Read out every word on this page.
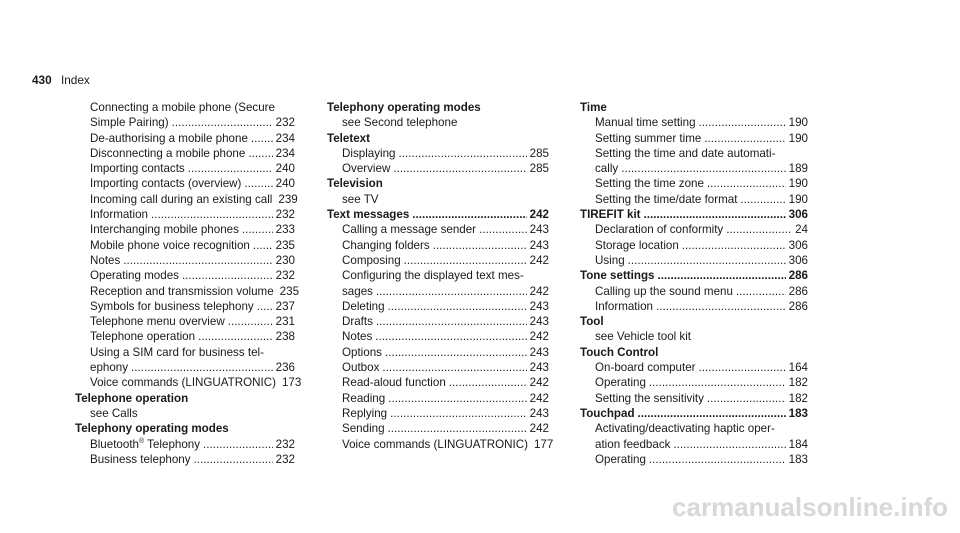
430 Index
Connecting a mobile phone (Secure
Simple Pairing) . . .	232
De-authorising a mobile phone . . . 234
Disconnecting a mobile phone . . .	234
Importing contacts . . .	240
Importing contacts (overview) . . .	240
Incoming call during an existing call 239
Information . . .	232
Interchanging mobile phones . . .	233
Mobile phone voice recognition . . . 235
Notes . . .	230
Operating modes . . .	232
Reception and transmission volume 235
Symbols for business telephony . . . 237
Telephone menu overview . . .	231
Telephone operation . . .	238
Using a SIM card for business tel-
ephony . . .	236
Voice commands (LINGUATRONIC) 173
Telephone operation
see Calls
Telephony operating modes
Bluetooth® Telephony . . .	232
Business telephony . . .	232
Telephony operating modes
see Second telephone
Teletext
Displaying . . .	285
Overview . . .	285
Television
see TV
Text messages . . .	242
Calling a message sender . . .	243
Changing folders . . .	243
Composing . . .	242
Configuring the displayed text mes-
sages . . .	242
Deleting . . .	243
Drafts . . .	243
Notes . . .	242
Options . . .	243
Outbox . . .	243
Read-aloud function . . .	242
Reading . . .	242
Replying . . .	243
Sending . . .	242
Voice commands (LINGUATRONIC) 177
Time
Manual time setting . . .	190
Setting summer time . . .	190
Setting the time and date automati-
cally . . .	189
Setting the time zone . . .	190
Setting the time/date format . . .	190
TIREFIT kit . . .	306
Declaration of conformity . . .	24
Storage location . . .	306
Using . . .	306
Tone settings . . .	286
Calling up the sound menu . . .	286
Information . . .	286
Tool
see Vehicle tool kit
Touch Control
On-board computer . . .	164
Operating . . .	182
Setting the sensitivity . . .	182
Touchpad . . .	183
Activating/deactivating haptic oper-
ation feedback . . .	184
Operating . . .	183
carmanualsonline.info
